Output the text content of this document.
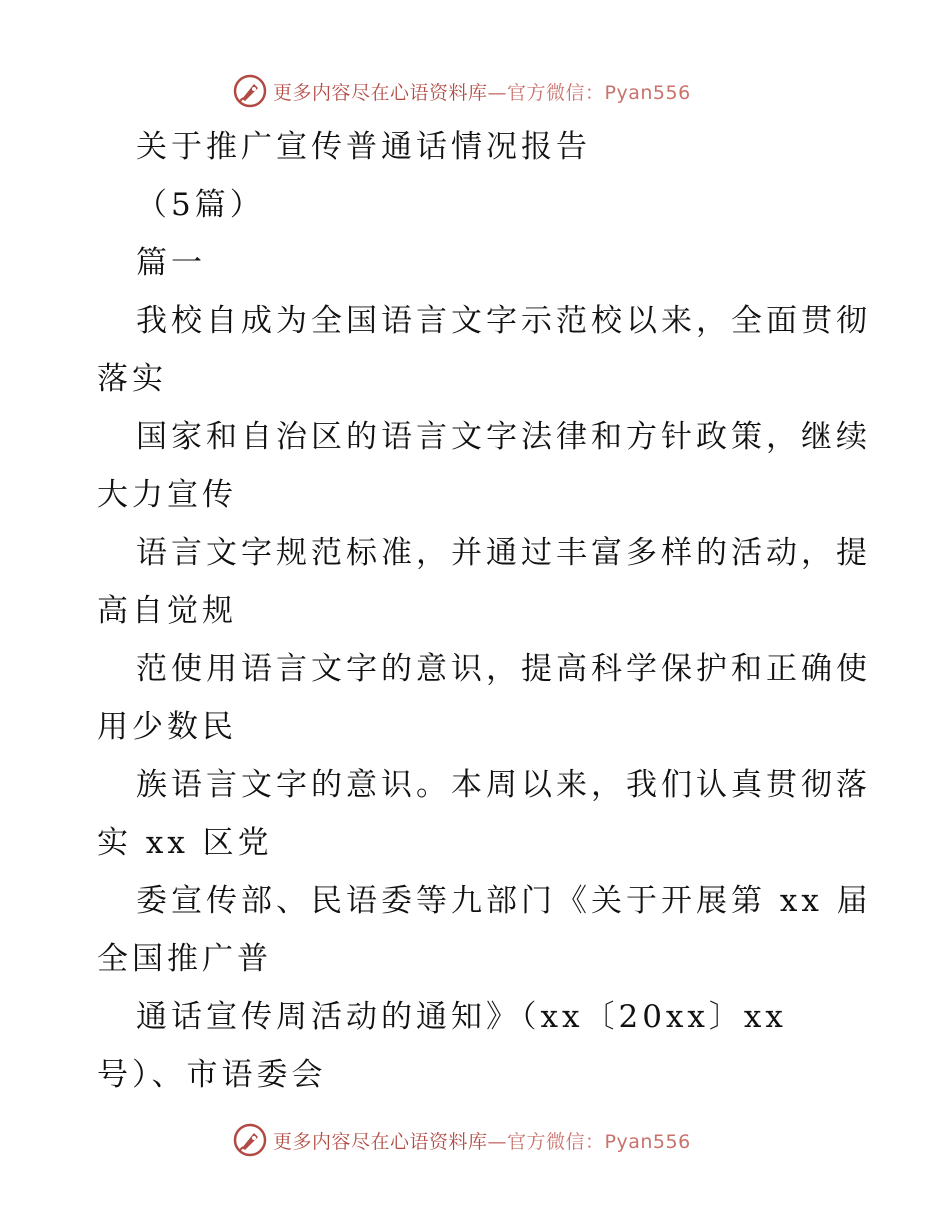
更多内容尽在心语资料库—官方微信：Pyan556
关于推广宣传普通话情况报告
（5篇）
篇一
我校自成为全国语言文字示范校以来，全面贯彻
落实
国家和自治区的语言文字法律和方针政策，继续
大力宣传
语言文字规范标准，并通过丰富多样的活动，提
高自觉规
范使用语言文字的意识，提高科学保护和正确使
用少数民
族语言文字的意识。本周以来，我们认真贯彻落
实 xx 区党
委宣传部、民语委等九部门《关于开展第 xx 届
全国推广普
通话宣传周活动的通知》（xx〔20xx〕xx
号）、市语委会
更多内容尽在心语资料库—官方微信：Pyan556
